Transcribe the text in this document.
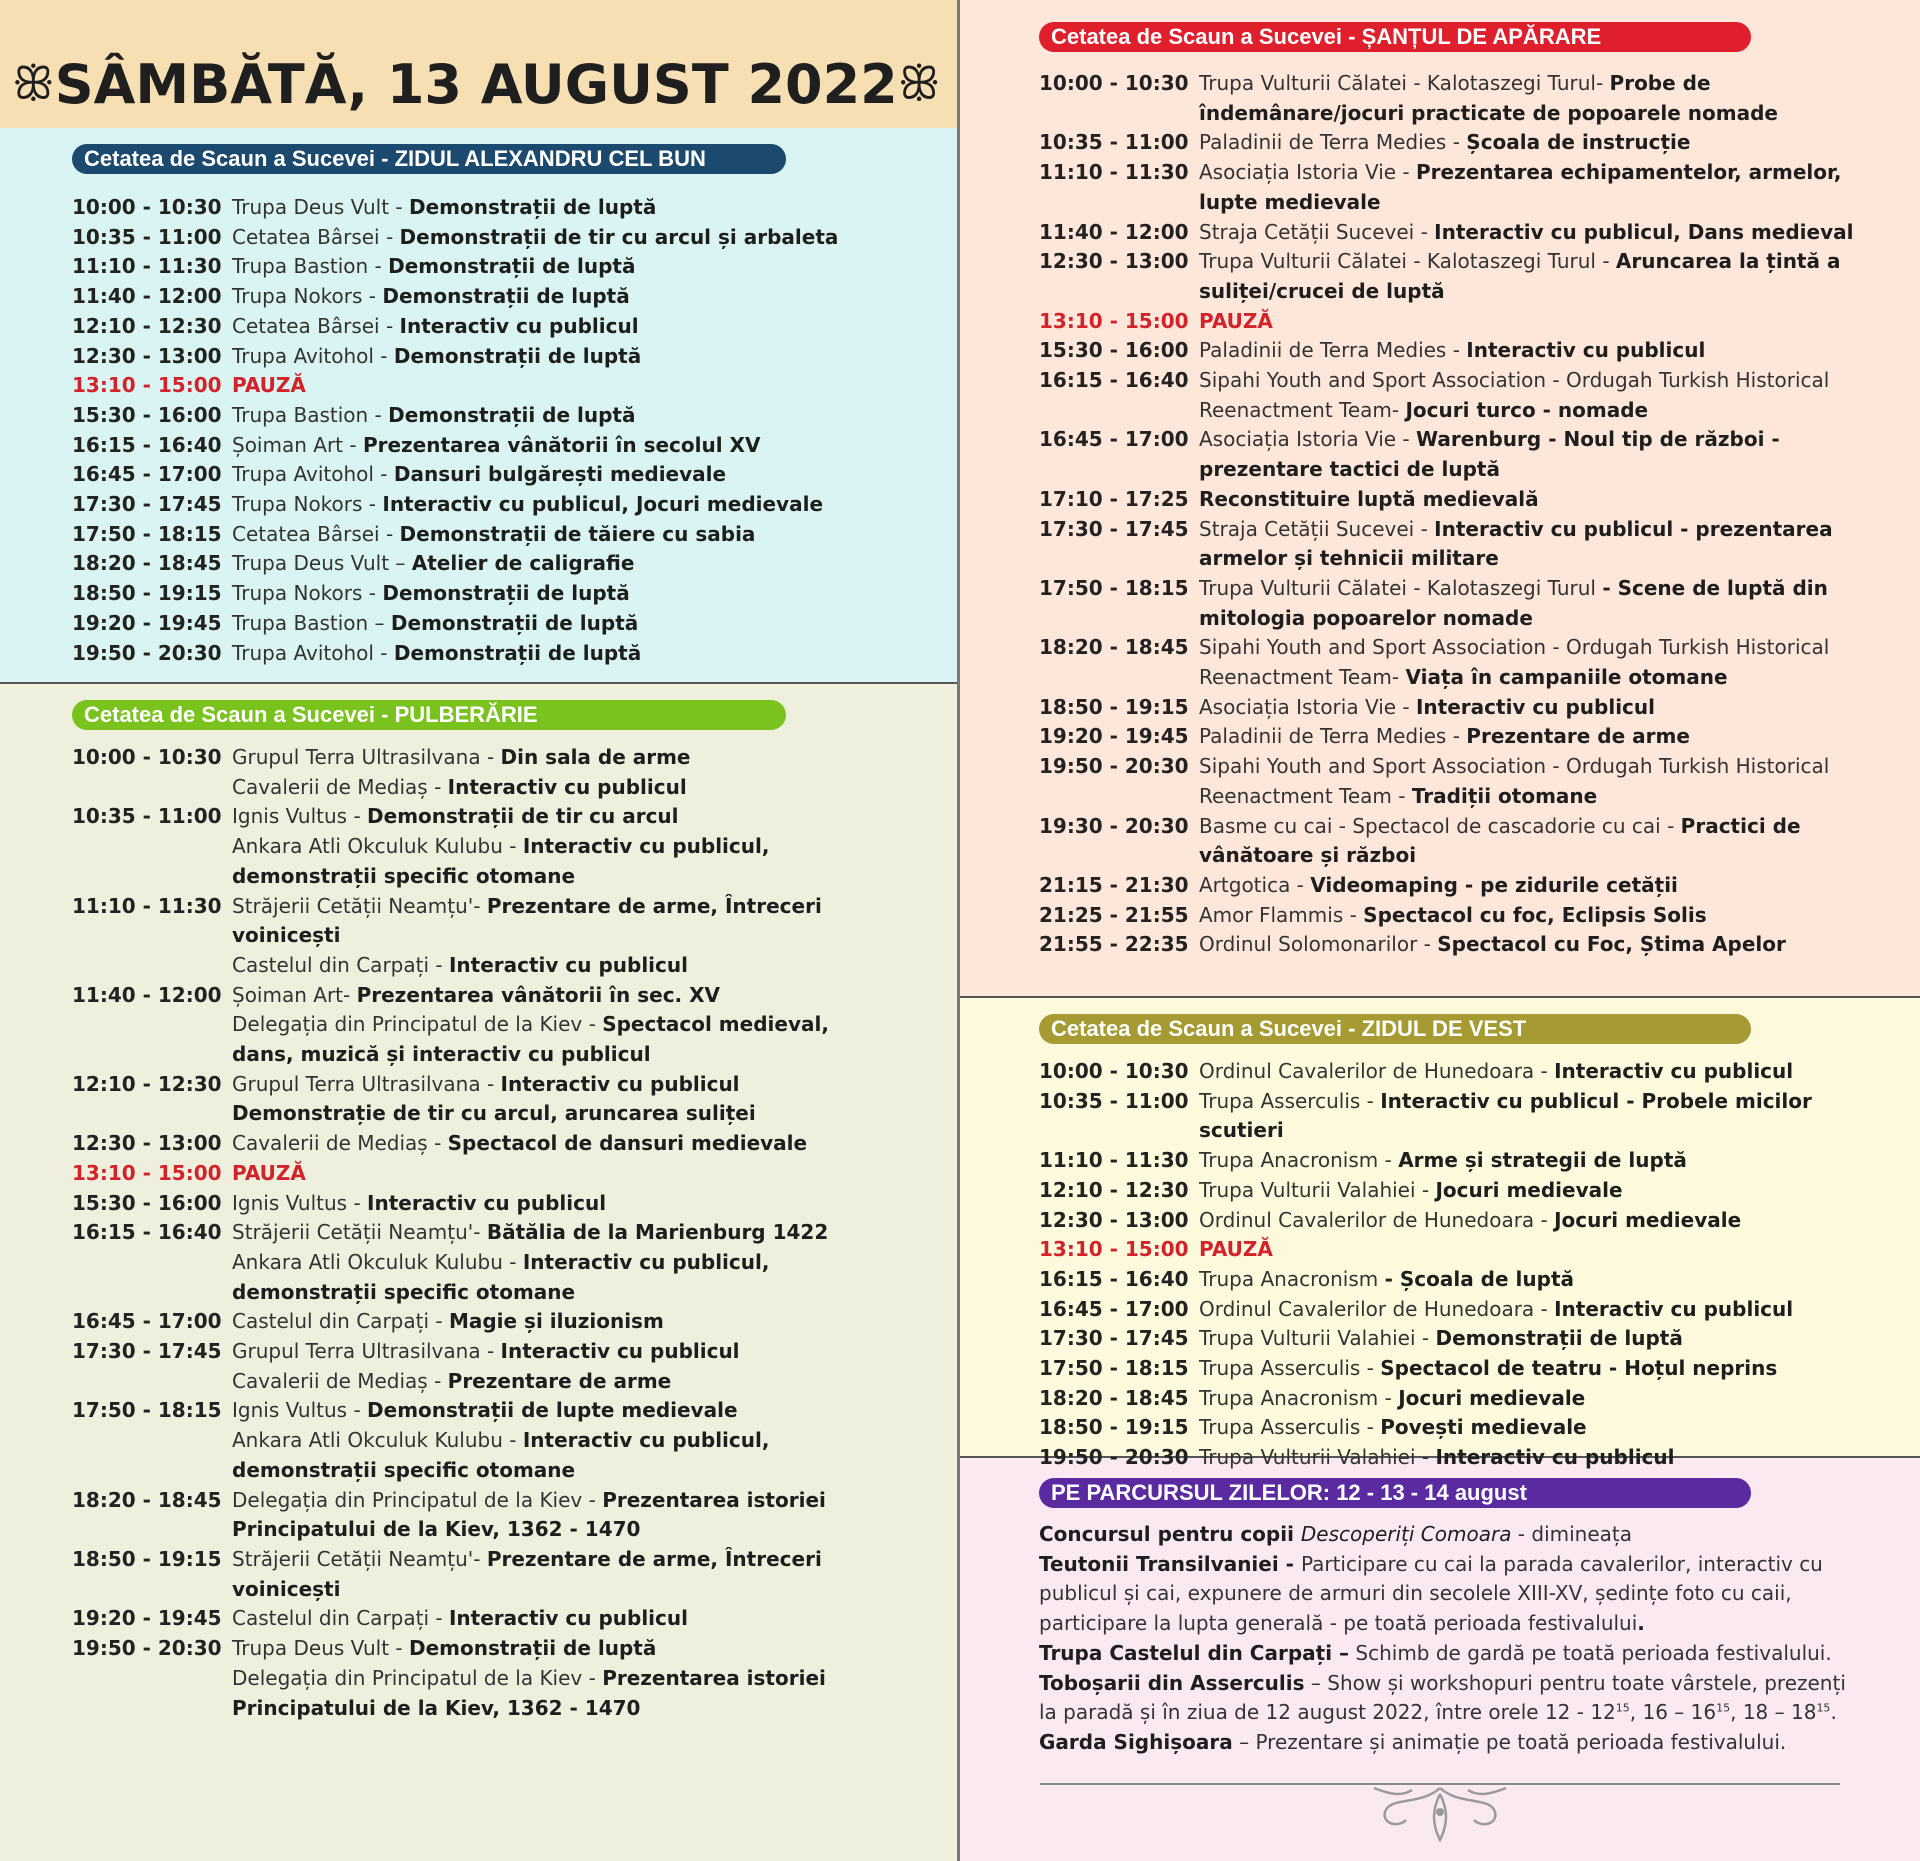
ꕥ SÂMBĂTĂ, 13 AUGUST 2022 ꕥ
Cetatea de Scaun a Sucevei - ZIDUL ALEXANDRU CEL BUN
10:00 - 10:30 Trupa Deus Vult - Demonstrații de luptă
10:35 - 11:00 Cetatea Bârsei - Demonstrații de tir cu arcul și arbaleta
11:10 - 11:30 Trupa Bastion - Demonstrații de luptă
11:40 - 12:00 Trupa Nokors - Demonstrații de luptă
12:10 - 12:30 Cetatea Bârsei - Interactiv cu publicul
12:30 - 13:00 Trupa Avitohol - Demonstrații de luptă
13:10 - 15:00 PAUZĂ
15:30 - 16:00 Trupa Bastion - Demonstrații de luptă
16:15 - 16:40 Șoiman Art - Prezentarea vânătorii în secolul XV
16:45 - 17:00 Trupa Avitohol - Dansuri bulgărești medievale
17:30 - 17:45 Trupa Nokors - Interactiv cu publicul, Jocuri medievale
17:50 - 18:15 Cetatea Bârsei - Demonstrații de tăiere cu sabia
18:20 - 18:45 Trupa Deus Vult – Atelier de caligrafie
18:50 - 19:15 Trupa Nokors - Demonstrații de luptă
19:20 - 19:45 Trupa Bastion – Demonstrații de luptă
19:50 - 20:30 Trupa Avitohol - Demonstrații de luptă
Cetatea de Scaun a Sucevei - PULBERĂRIE
10:00 - 10:30 Grupul Terra Ultrasilvana - Din sala de arme
Cavalerii de Mediaș - Interactiv cu publicul
10:35 - 11:00 Ignis Vultus - Demonstrații de tir cu arcul
Ankara Atli Okculuk Kulubu - Interactiv cu publicul, demonstrații specific otomane
11:10 - 11:30 Străjerii Cetății Neamțu'- Prezentare de arme, Întreceri voinicești
Castelul din Carpați - Interactiv cu publicul
11:40 - 12:00 Șoiman Art- Prezentarea vânătorii în sec. XV
Delegația din Principatul de la Kiev - Spectacol medieval, dans, muzică și interactiv cu publicul
12:10 - 12:30 Grupul Terra Ultrasilvana - Interactiv cu publicul
Demonstrație de tir cu arcul, aruncarea suliței
12:30 - 13:00 Cavalerii de Mediaș - Spectacol de dansuri medievale
13:10 - 15:00 PAUZĂ
15:30 - 16:00 Ignis Vultus - Interactiv cu publicul
16:15 - 16:40 Străjerii Cetății Neamțu'- Bătălia de la Marienburg 1422
Ankara Atli Okculuk Kulubu - Interactiv cu publicul, demonstrații specific otomane
16:45 - 17:00 Castelul din Carpați - Magie și iluzionism
17:30 - 17:45 Grupul Terra Ultrasilvana - Interactiv cu publicul
Cavalerii de Mediaș - Prezentare de arme
17:50 - 18:15 Ignis Vultus - Demonstrații de lupte medievale
Ankara Atli Okculuk Kulubu - Interactiv cu publicul, demonstrații specific otomane
18:20 - 18:45 Delegația din Principatul de la Kiev - Prezentarea istoriei Principatului de la Kiev, 1362 - 1470
18:50 - 19:15 Străjerii Cetății Neamțu'- Prezentare de arme, Întreceri voinicești
19:20 - 19:45 Castelul din Carpați - Interactiv cu publicul
19:50 - 20:30 Trupa Deus Vult - Demonstrații de luptă
Delegația din Principatul de la Kiev - Prezentarea istoriei Principatului de la Kiev, 1362 - 1470
Cetatea de Scaun a Sucevei - ȘANȚUL DE APĂRARE
10:00 - 10:30 Trupa Vulturii Călatei - Kalotaszegi Turul- Probe de îndemânare/jocuri practicate de popoarele nomade
10:35 - 11:00 Paladinii de Terra Medies - Școala de instrucție
11:10 - 11:30 Asociația Istoria Vie - Prezentarea echipamentelor, armelor, lupte medievale
11:40 - 12:00 Straja Cetății Sucevei - Interactiv cu publicul, Dans medieval
12:30 - 13:00 Trupa Vulturii Călatei - Kalotaszegi Turul - Aruncarea la țintă a suliței/crucei de luptă
13:10 - 15:00 PAUZĂ
15:30 - 16:00 Paladinii de Terra Medies - Interactiv cu publicul
16:15 - 16:40 Sipahi Youth and Sport Association - Ordugah Turkish Historical Reenactment Team- Jocuri turco - nomade
16:45 - 17:00 Asociația Istoria Vie - Warenburg - Noul tip de război - prezentare tactici de luptă
17:10 - 17:25 Reconstituire luptă medievală
17:30 - 17:45 Straja Cetății Sucevei - Interactiv cu publicul - prezentarea armelor și tehnicii militare
17:50 - 18:15 Trupa Vulturii Călatei - Kalotaszegi Turul - Scene de luptă din mitologia popoarelor nomade
18:20 - 18:45 Sipahi Youth and Sport Association - Ordugah Turkish Historical Reenactment Team- Viața în campaniile otomane
18:50 - 19:15 Asociația Istoria Vie - Interactiv cu publicul
19:20 - 19:45 Paladinii de Terra Medies - Prezentare de arme
19:50 - 20:30 Sipahi Youth and Sport Association - Ordugah Turkish Historical Reenactment Team - Tradiții otomane
19:30 - 20:30 Basme cu cai - Spectacol de cascadorie cu cai - Practici de vânătoare și război
21:15 - 21:30 Artgotica - Videomaping - pe zidurile cetății
21:25 - 21:55 Amor Flammis - Spectacol cu foc, Eclipsis Solis
21:55 - 22:35 Ordinul Solomonarilor - Spectacol cu Foc, Știma Apelor
Cetatea de Scaun a Sucevei - ZIDUL DE VEST
10:00 - 10:30 Ordinul Cavalerilor de Hunedoara - Interactiv cu publicul
10:35 - 11:00 Trupa Asserculis - Interactiv cu publicul - Probele micilor scutieri
11:10 - 11:30 Trupa Anacronism - Arme și strategii de luptă
12:10 - 12:30 Trupa Vulturii Valahiei - Jocuri medievale
12:30 - 13:00 Ordinul Cavalerilor de Hunedoara - Jocuri medievale
13:10 - 15:00 PAUZĂ
16:15 - 16:40 Trupa Anacronism - Școala de luptă
16:45 - 17:00 Ordinul Cavalerilor de Hunedoara - Interactiv cu publicul
17:30 - 17:45 Trupa Vulturii Valahiei - Demonstrații de luptă
17:50 - 18:15 Trupa Asserculis - Spectacol de teatru - Hoțul neprins
18:20 - 18:45 Trupa Anacronism - Jocuri medievale
18:50 - 19:15 Trupa Asserculis - Povești medievale
19:50 - 20:30 Trupa Vulturii Valahiei - Interactiv cu publicul
PE PARCURSUL ZILELOR: 12 - 13 - 14 august

Concursul pentru copii Descoperiți Comoara - dimineața

Teutonii Transilvaniei - Participare cu cai la parada cavalerilor, interactiv cu publicul și cai, expunere de armuri din secolele XIII-XV, ședințe foto cu caii, participare la lupta generală - pe toată perioada festivalului.

Trupa Castelul din Carpați – Schimb de gardă pe toată perioada festivalului.

Toboșarii din Asserculis – Show și workshopuri pentru toate vârstele, prezenți la paradă și în ziua de 12 august 2022, între orele $12 - 12^{15}$, $16 - 16^{15}$, $18 - 18^{15}$.

Garda Sighișoara – Prezentare și animație pe toată perioada festivalului.
